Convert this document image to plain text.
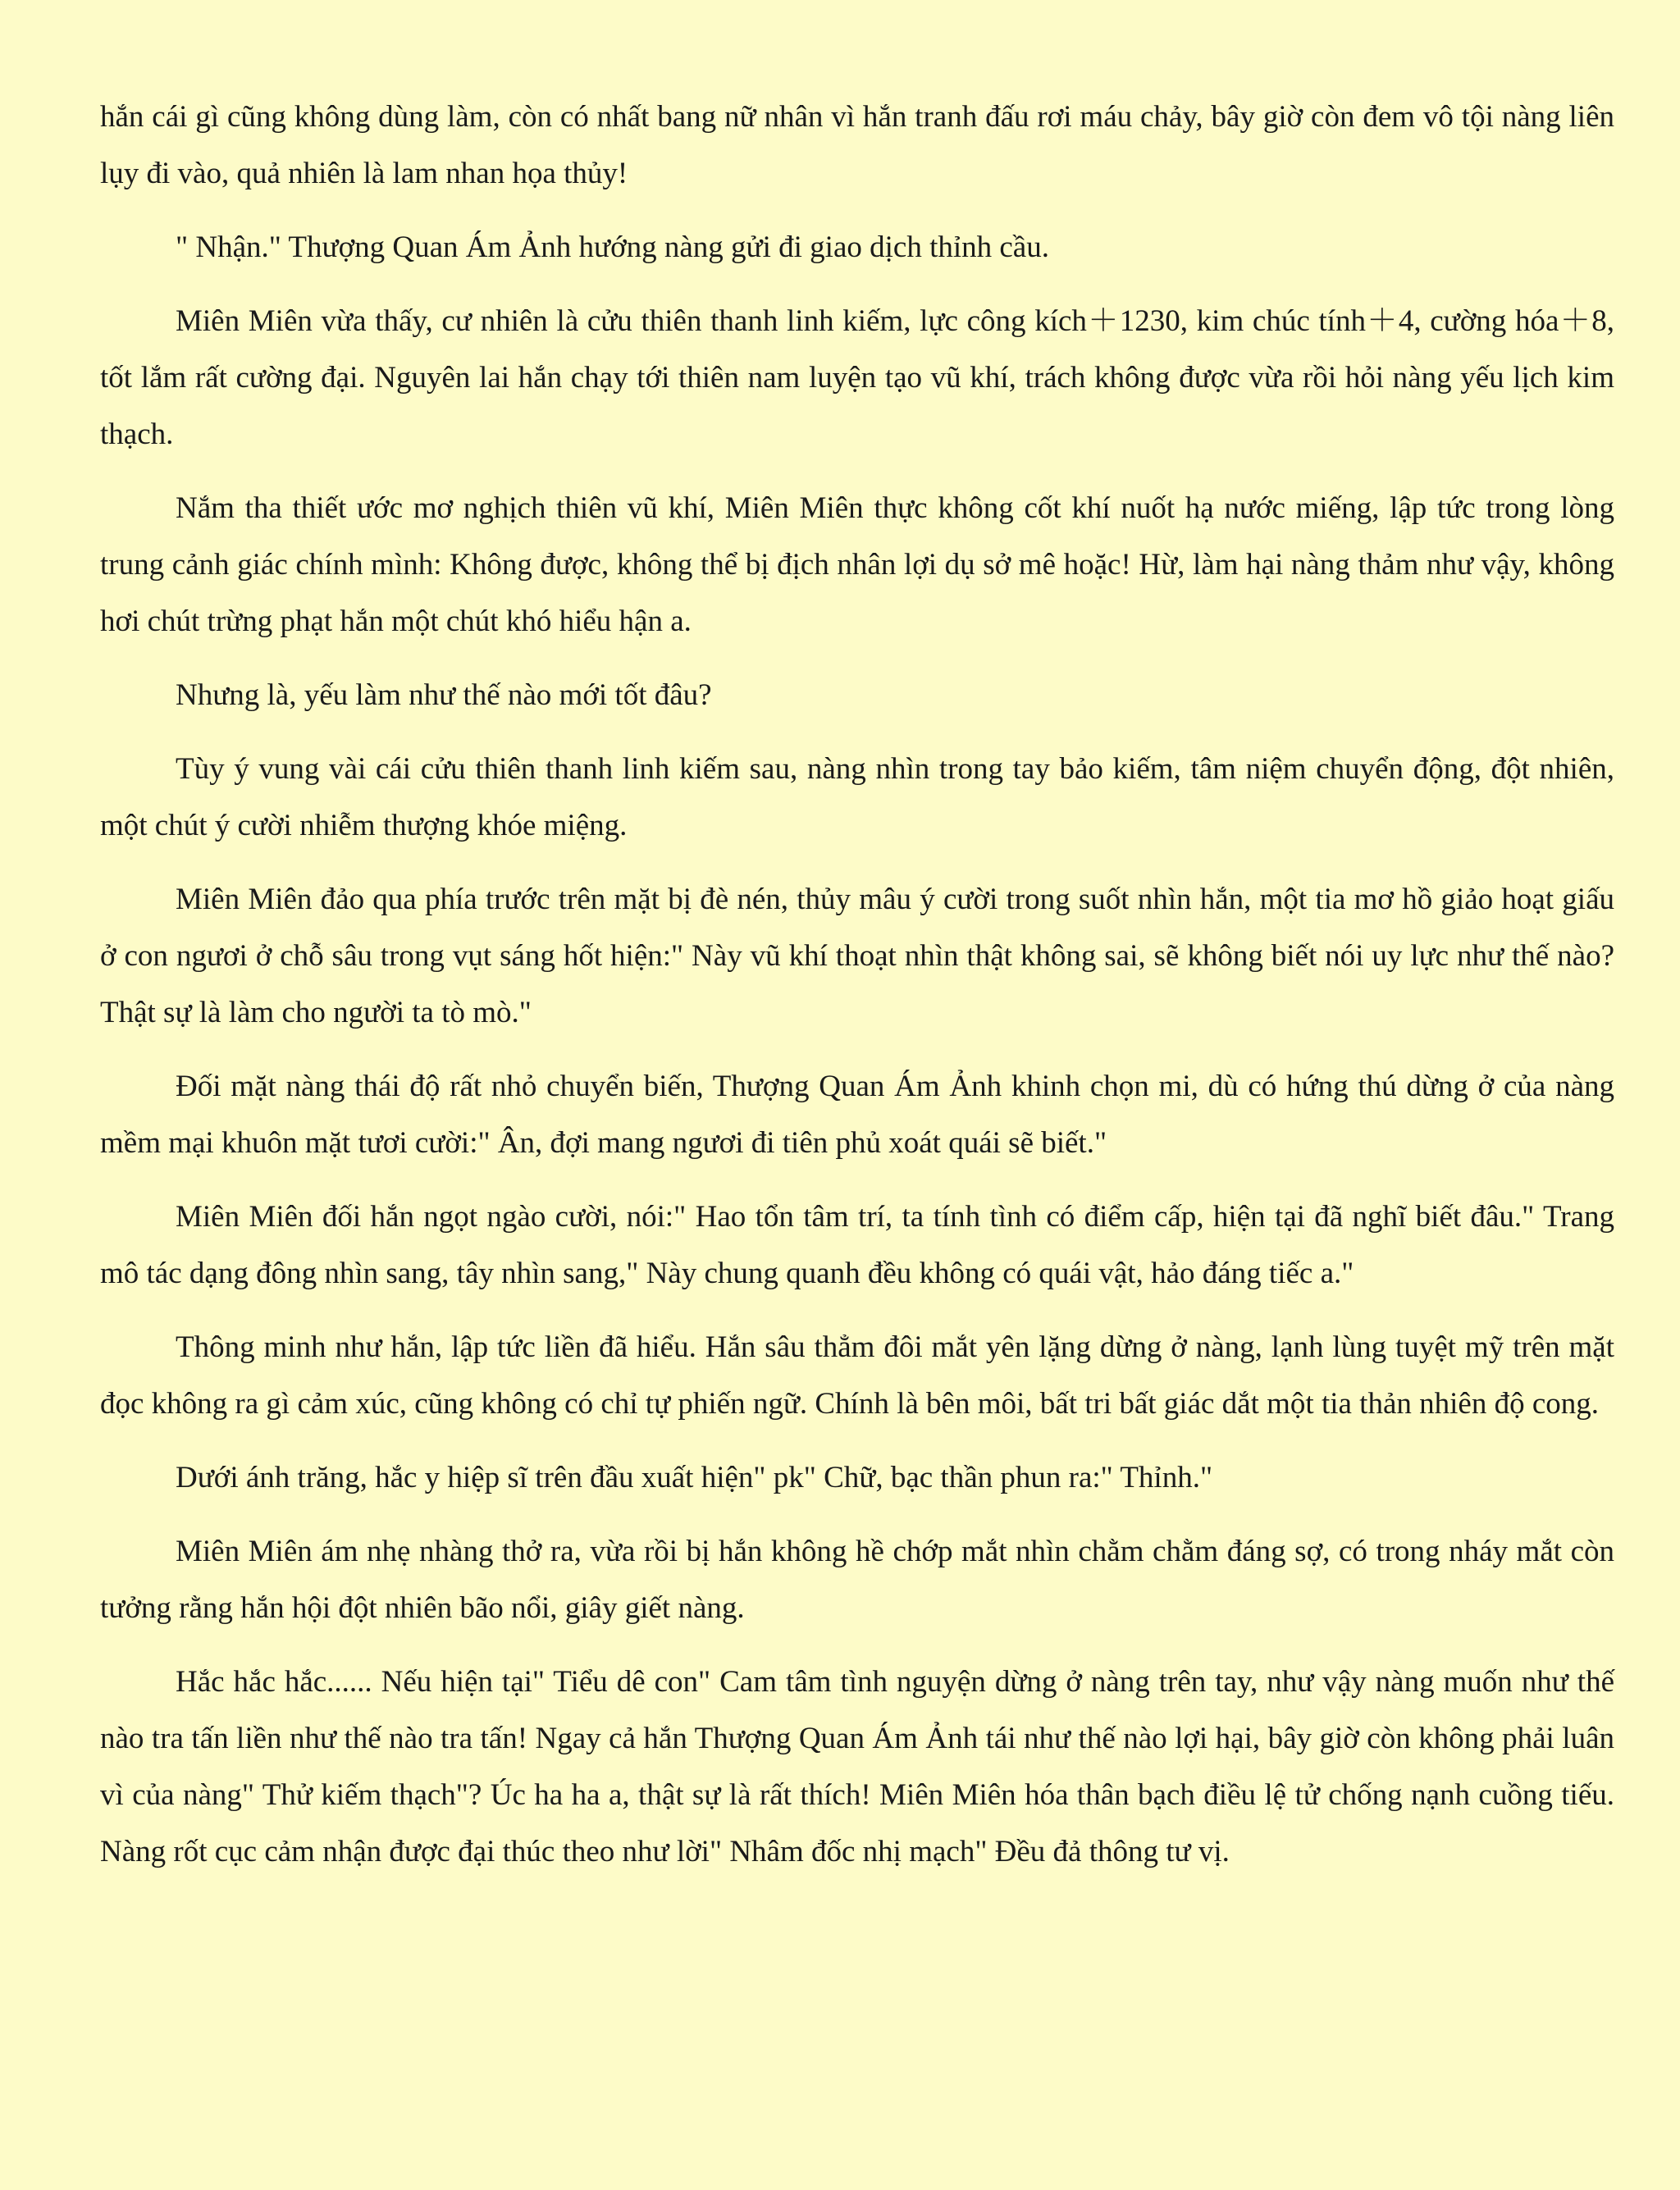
hắn cái gì cũng không dùng làm, còn có nhất bang nữ nhân vì hắn tranh đấu rơi máu chảy, bây giờ còn đem vô tội nàng liên lụy đi vào, quả nhiên là lam nhan họa thủy!

" Nhận." Thượng Quan Ám Ảnh hướng nàng gửi đi giao dịch thỉnh cầu.

Miên Miên vừa thấy, cư nhiên là cửu thiên thanh linh kiếm, lực công kích＋1230, kim chúc tính＋4, cường hóa＋8, tốt lắm rất cường đại. Nguyên lai hắn chạy tới thiên nam luyện tạo vũ khí, trách không được vừa rồi hỏi nàng yếu lịch kim thạch.

Nắm tha thiết ước mơ nghịch thiên vũ khí, Miên Miên thực không cốt khí nuốt hạ nước miếng, lập tức trong lòng trung cảnh giác chính mình: Không được, không thể bị địch nhân lợi dụ sở mê hoặc! Hừ, làm hại nàng thảm như vậy, không hơi chút trừng phạt hắn một chút khó hiểu hận a.

Nhưng là, yếu làm như thế nào mới tốt đâu?

Tùy ý vung vài cái cửu thiên thanh linh kiếm sau, nàng nhìn trong tay bảo kiếm, tâm niệm chuyển động, đột nhiên, một chút ý cười nhiễm thượng khóe miệng.

Miên Miên đảo qua phía trước trên mặt bị đè nén, thủy mâu ý cười trong suốt nhìn hắn, một tia mơ hồ giảo hoạt giấu ở con ngươi ở chỗ sâu trong vụt sáng hốt hiện:" Này vũ khí thoạt nhìn thật không sai, sẽ không biết nói uy lực như thế nào? Thật sự là làm cho người ta tò mò."

Đối mặt nàng thái độ rất nhỏ chuyển biến, Thượng Quan Ám Ảnh khinh chọn mi, dù có hứng thú dừng ở của nàng mềm mại khuôn mặt tươi cười:" Ân, đợi mang ngươi đi tiên phủ xoát quái sẽ biết."

Miên Miên đối hắn ngọt ngào cười, nói:" Hao tổn tâm trí, ta tính tình có điểm cấp, hiện tại đã nghĩ biết đâu." Trang mô tác dạng đông nhìn sang, tây nhìn sang," Này chung quanh đều không có quái vật, hảo đáng tiếc a."

Thông minh như hắn, lập tức liền đã hiểu. Hắn sâu thẳm đôi mắt yên lặng dừng ở nàng, lạnh lùng tuyệt mỹ trên mặt đọc không ra gì cảm xúc, cũng không có chỉ tự phiến ngữ. Chính là bên môi, bất tri bất giác dắt một tia thản nhiên độ cong.

Dưới ánh trăng, hắc y hiệp sĩ trên đầu xuất hiện" pk" Chữ, bạc thần phun ra:" Thỉnh."

Miên Miên ám nhẹ nhàng thở ra, vừa rồi bị hắn không hề chớp mắt nhìn chằm chằm đáng sợ, có trong nháy mắt còn tưởng rằng hắn hội đột nhiên bão nổi, giây giết nàng.

Hắc hắc hắc...... Nếu hiện tại" Tiểu dê con" Cam tâm tình nguyện dừng ở nàng trên tay, như vậy nàng muốn như thế nào tra tấn liền như thế nào tra tấn! Ngay cả hắn Thượng Quan Ám Ảnh tái như thế nào lợi hại, bây giờ còn không phải luân vì của nàng" Thử kiếm thạch"? Úc ha ha a, thật sự là rất thích! Miên Miên hóa thân bạch điều lệ tử chống nạnh cuồng tiếu. Nàng rốt cục cảm nhận được đại thúc theo như lời" Nhâm đốc nhị mạch" Đều đả thông tư vị.
